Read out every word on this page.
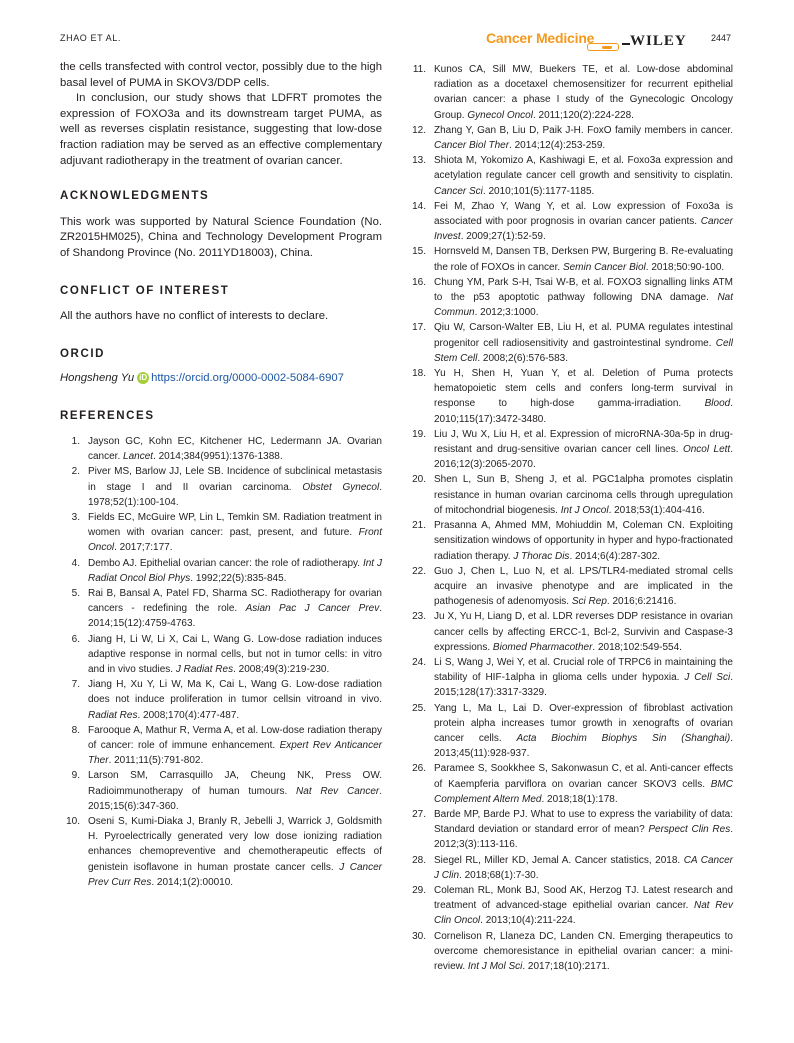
ZHAO ET AL.	Cancer Medicine WILEY	2447

the cells transfected with control vector, possibly due to the high basal level of PUMA in SKOV3/DDP cells.

In conclusion, our study shows that LDFRT promotes the expression of FOXO3a and its downstream target PUMA, as well as reverses cisplatin resistance, suggesting that low-dose fraction radiation may be served as an effective complementary adjuvant radiotherapy in the treatment of ovarian cancer.

ACKNOWLEDGMENTS

This work was supported by Natural Science Foundation (No. ZR2015HM025), China and Technology Development Program of Shandong Province (No. 2011YD18003), China.

CONFLICT OF INTEREST

All the authors have no conflict of interests to declare.

ORCID
Hongsheng Yu iD https://orcid.org/0000-0002-5084-6907
REFERENCES
1. Jayson GC, Kohn EC, Kitchener HC, Ledermann JA. Ovarian cancer. Lancet. 2014;384(9951):1376-1388.
2. Piver MS, Barlow JJ, Lele SB. Incidence of subclinical metastasis in stage I and II ovarian carcinoma. Obstet Gynecol. 1978;52(1):100-104.
3. Fields EC, McGuire WP, Lin L, Temkin SM. Radiation treatment in women with ovarian cancer: past, present, and future. Front Oncol. 2017;7:177.
4. Dembo AJ. Epithelial ovarian cancer: the role of radiotherapy. Int J Radiat Oncol Biol Phys. 1992;22(5):835-845.
5. Rai B, Bansal A, Patel FD, Sharma SC. Radiotherapy for ovarian cancers - redefining the role. Asian Pac J Cancer Prev. 2014;15(12):4759-4763.
6. Jiang H, Li W, Li X, Cai L, Wang G. Low-dose radiation induces adaptive response in normal cells, but not in tumor cells: in vitro and in vivo studies. J Radiat Res. 2008;49(3):219-230.
7. Jiang H, Xu Y, Li W, Ma K, Cai L, Wang G. Low-dose radiation does not induce proliferation in tumor cellsin vitroand in vivo. Radiat Res. 2008;170(4):477-487.
8. Farooque A, Mathur R, Verma A, et al. Low-dose radiation therapy of cancer: role of immune enhancement. Expert Rev Anticancer Ther. 2011;11(5):791-802.
9. Larson SM, Carrasquillo JA, Cheung NK, Press OW. Radioimmunotherapy of human tumours. Nat Rev Cancer. 2015;15(6):347-360.
10. Oseni S, Kumi-Diaka J, Branly R, Jebelli J, Warrick J, Goldsmith H. Pyroelectrically generated very low dose ionizing radiation enhances chemopreventive and chemotherapeutic effects of genistein isoflavone in human prostate cancer cells. J Cancer Prev Curr Res. 2014;1(2):00010.
11. Kunos CA, Sill MW, Buekers TE, et al. Low-dose abdominal radiation as a docetaxel chemosensitizer for recurrent epithelial ovarian cancer: a phase I study of the Gynecologic Oncology Group. Gynecol Oncol. 2011;120(2):224-228.
12. Zhang Y, Gan B, Liu D, Paik J-H. FoxO family members in cancer. Cancer Biol Ther. 2014;12(4):253-259.
13. Shiota M, Yokomizo A, Kashiwagi E, et al. Foxo3a expression and acetylation regulate cancer cell growth and sensitivity to cisplatin. Cancer Sci. 2010;101(5):1177-1185.
14. Fei M, Zhao Y, Wang Y, et al. Low expression of Foxo3a is associated with poor prognosis in ovarian cancer patients. Cancer Invest. 2009;27(1):52-59.
15. Hornsveld M, Dansen TB, Derksen PW, Burgering B. Re-evaluating the role of FOXOs in cancer. Semin Cancer Biol. 2018;50:90-100.
16. Chung YM, Park S-H, Tsai W-B, et al. FOXO3 signalling links ATM to the p53 apoptotic pathway following DNA damage. Nat Commun. 2012;3:1000.
17. Qiu W, Carson-Walter EB, Liu H, et al. PUMA regulates intestinal progenitor cell radiosensitivity and gastrointestinal syndrome. Cell Stem Cell. 2008;2(6):576-583.
18. Yu H, Shen H, Yuan Y, et al. Deletion of Puma protects hematopoietic stem cells and confers long-term survival in response to high-dose gamma-irradiation. Blood. 2010;115(17):3472-3480.
19. Liu J, Wu X, Liu H, et al. Expression of microRNA-30a-5p in drug-resistant and drug-sensitive ovarian cancer cell lines. Oncol Lett. 2016;12(3):2065-2070.
20. Shen L, Sun B, Sheng J, et al. PGC1alpha promotes cisplatin resistance in human ovarian carcinoma cells through upregulation of mitochondrial biogenesis. Int J Oncol. 2018;53(1):404-416.
21. Prasanna A, Ahmed MM, Mohiuddin M, Coleman CN. Exploiting sensitization windows of opportunity in hyper and hypo-fractionated radiation therapy. J Thorac Dis. 2014;6(4):287-302.
22. Guo J, Chen L, Luo N, et al. LPS/TLR4-mediated stromal cells acquire an invasive phenotype and are implicated in the pathogenesis of adenomyosis. Sci Rep. 2016;6:21416.
23. Ju X, Yu H, Liang D, et al. LDR reverses DDP resistance in ovarian cancer cells by affecting ERCC-1, Bcl-2, Survivin and Caspase-3 expressions. Biomed Pharmacother. 2018;102:549-554.
24. Li S, Wang J, Wei Y, et al. Crucial role of TRPC6 in maintaining the stability of HIF-1alpha in glioma cells under hypoxia. J Cell Sci. 2015;128(17):3317-3329.
25. Yang L, Ma L, Lai D. Over-expression of fibroblast activation protein alpha increases tumor growth in xenografts of ovarian cancer cells. Acta Biochim Biophys Sin (Shanghai). 2013;45(11):928-937.
26. Paramee S, Sookkhee S, Sakonwasun C, et al. Anti-cancer effects of Kaempferia parviflora on ovarian cancer SKOV3 cells. BMC Complement Altern Med. 2018;18(1):178.
27. Barde MP, Barde PJ. What to use to express the variability of data: Standard deviation or standard error of mean? Perspect Clin Res. 2012;3(3):113-116.
28. Siegel RL, Miller KD, Jemal A. Cancer statistics, 2018. CA Cancer J Clin. 2018;68(1):7-30.
29. Coleman RL, Monk BJ, Sood AK, Herzog TJ. Latest research and treatment of advanced-stage epithelial ovarian cancer. Nat Rev Clin Oncol. 2013;10(4):211-224.
30. Cornelison R, Llaneza DC, Landen CN. Emerging therapeutics to overcome chemoresistance in epithelial ovarian cancer: a mini-review. Int J Mol Sci. 2017;18(10):2171.
